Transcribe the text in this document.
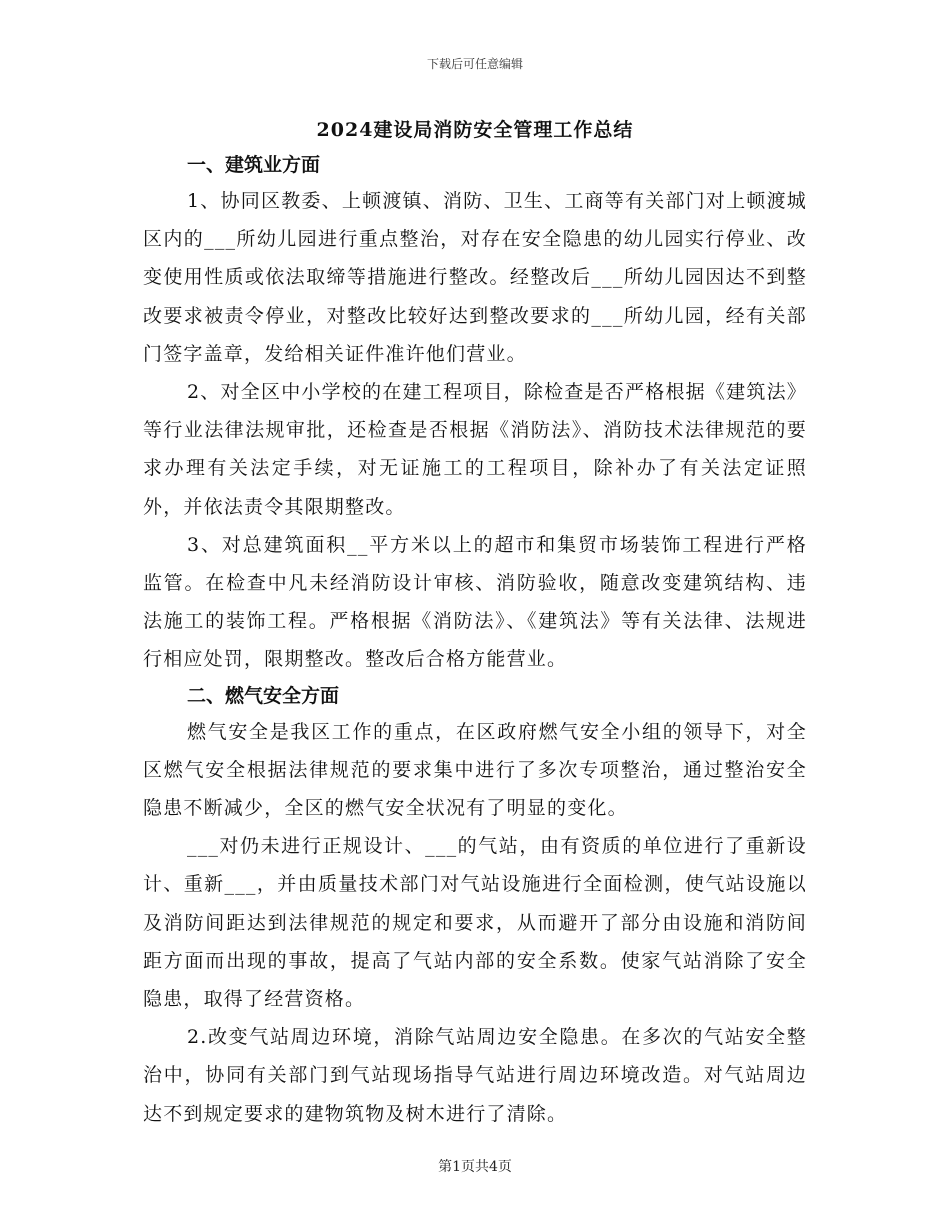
下载后可任意编辑
2024建设局消防安全管理工作总结

一、建筑业方面

1、协同区教委、上顿渡镇、消防、卫生、工商等有关部门对上顿渡城区内的___所幼儿园进行重点整治，对存在安全隐患的幼儿园实行停业、改变使用性质或依法取缔等措施进行整改。经整改后___所幼儿园因达不到整改要求被责令停业，对整改比较好达到整改要求的___所幼儿园，经有关部门签字盖章，发给相关证件准许他们营业。

2、对全区中小学校的在建工程项目，除检查是否严格根据《建筑法》等行业法律法规审批，还检查是否根据《消防法》、消防技术法律规范的要求办理有关法定手续，对无证施工的工程项目，除补办了有关法定证照外，并依法责令其限期整改。

3、对总建筑面积__平方米以上的超市和集贸市场装饰工程进行严格监管。在检查中凡未经消防设计审核、消防验收，随意改变建筑结构、违法施工的装饰工程。严格根据《消防法》、《建筑法》等有关法律、法规进行相应处罚，限期整改。整改后合格方能营业。

二、燃气安全方面

燃气安全是我区工作的重点，在区政府燃气安全小组的领导下，对全区燃气安全根据法律规范的要求集中进行了多次专项整治，通过整治安全隐患不断减少，全区的燃气安全状况有了明显的变化。

___对仍未进行正规设计、___的气站，由有资质的单位进行了重新设计、重新___，并由质量技术部门对气站设施进行全面检测，使气站设施以及消防间距达到法律规范的规定和要求，从而避开了部分由设施和消防间距方面而出现的事故，提高了气站内部的安全系数。使家气站消除了安全隐患，取得了经营资格。

2.改变气站周边环境，消除气站周边安全隐患。在多次的气站安全整治中，协同有关部门到气站现场指导气站进行周边环境改造。对气站周边达不到规定要求的建物筑物及树木进行了清除。

第1页共4页
